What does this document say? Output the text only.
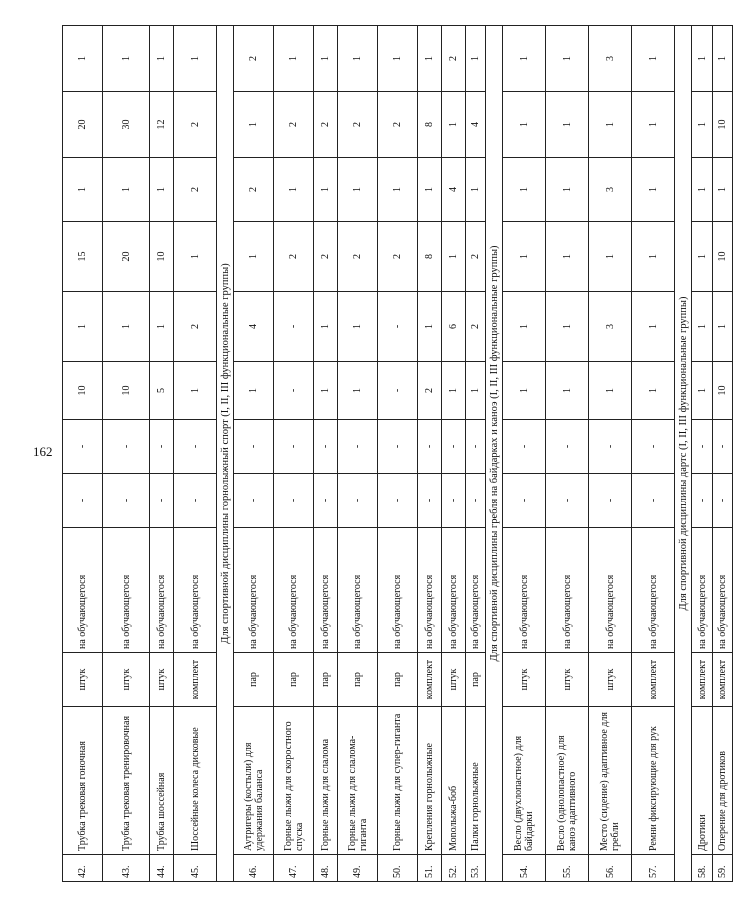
162
42.	Трубка трековая гоночная	штук	на обучающегося	-	-	10	1	15	1	20	1
43.	Трубка трековая тренировочная	штук	на обучающегося	-	-	10	1	20	1	30	1
44.	Трубка шоссейная	штук	на обучающегося	-	-	5	1	10	1	12	1
45.	Шоссейные колеса дисковые	комплект	на обучающегося	-	-	1	2	1	2	2	1
Для спортивной дисциплины горнолыжный спорт (I, II, III функциональные группы)											
46.	Аутригеры (костыли) для удержания баланса	пар	на обучающегося	-	-	1	4	1	2	1	2
47.	Горные лыжи для скоростного спуска	пар	на обучающегося	-	-	-	-	2	1	2	1
48.	Горные лыжи для слалома	пар	на обучающегося	-	-	1	1	2	1	2	1
49.	Горные лыжи для слалома-гиганта	пар	на обучающегося	-	-	1	1	2	1	2	1
50.	Горные лыжи для супер-гиганта	пар	на обучающегося	-	-	-	-	2	1	2	1
51.	Крепления горнолыжные	комплект	на обучающегося	-	-	2	1	8	1	8	1
52.	Моnолыжа-боб	штук	на обучающегося	-	-	1	6	1	4	1	2
53.	Палки горнолыжные	пар	на обучающегося	-	-	1	2	2	1	4	1
Для спортивной дисциплины гребля на байдарках и каноэ (I, II, III функциональные группы)											
54.	Весло (двухлопастное) для байдарки	штук	на обучающегося	-	-	1	1	1	1	1	1
55.	Весло (однолопастное) для каноэ адаптивного	штук	на обучающегося	-	-	1	1	1	1	1	1
56.	Место (сидение) адаптивное для гребли	штук	на обучающегося	-	-	1	3	1	3	1	3
57.	Ремни фиксирующие для рук	комплект	на обучающегося	-	-	1	1	1	1	1	1
Для спортивной дисциплины дартс (I, II, III функциональные группы)											
58.	Дротики	комплект	на обучающегося	-	-	1	1	1	1	1	1
59.	Оперение для дротиков	комплект	на обучающегося	-	-	10	1	10	1	10	1
